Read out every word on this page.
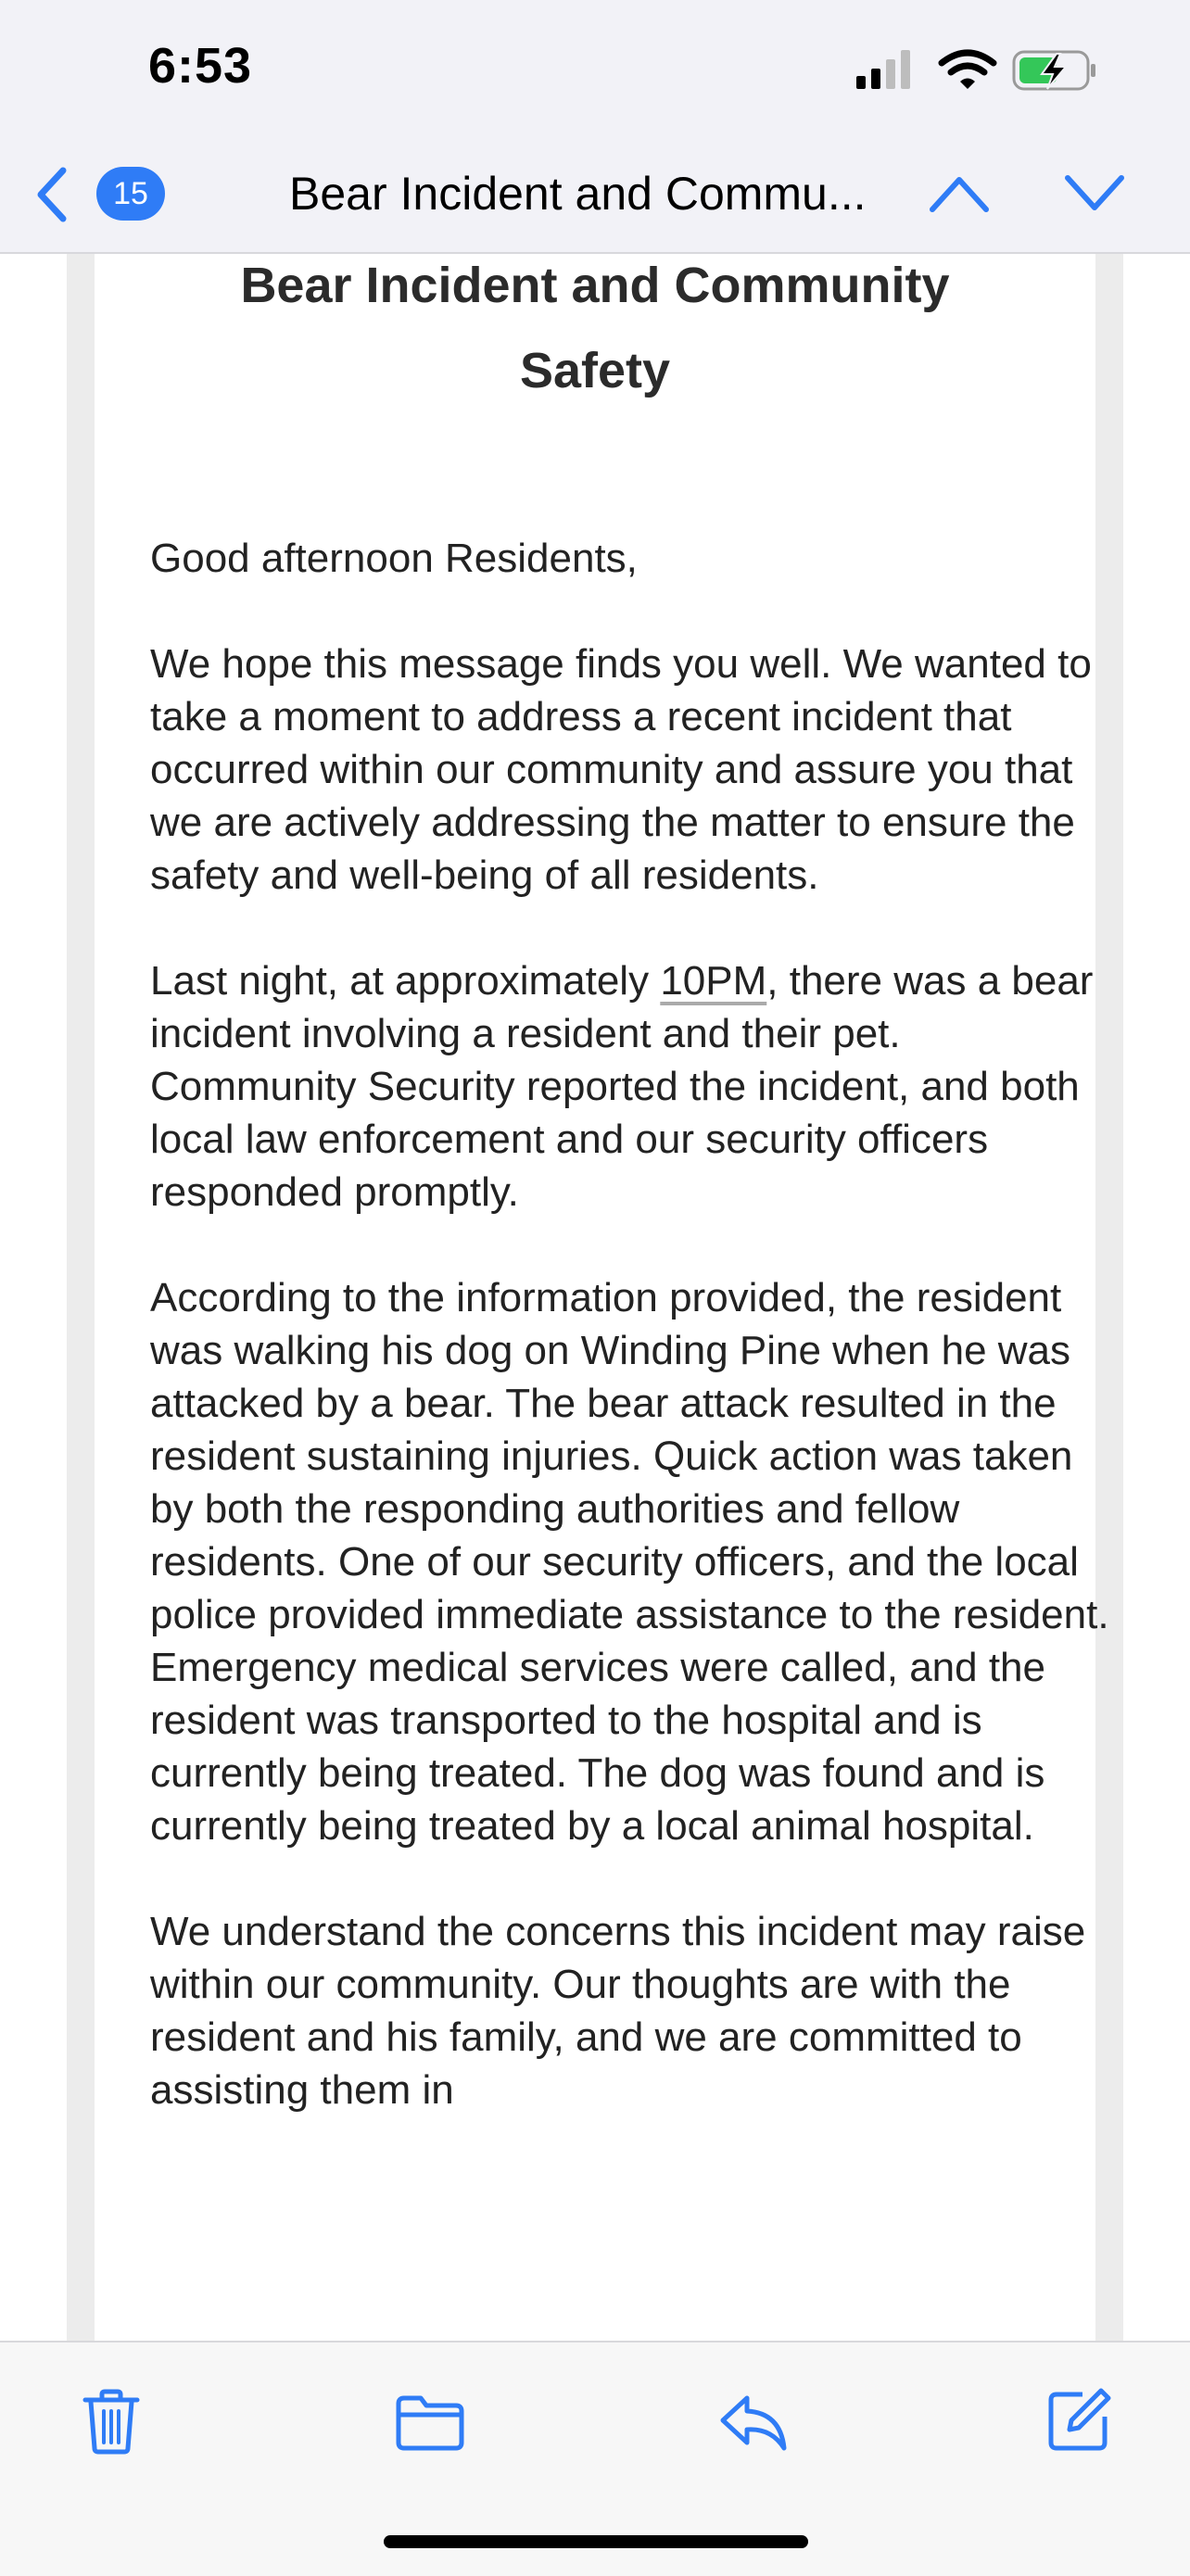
6:53
15	Bear Incident and Commu...
Bear Incident and Community
Safety

Good afternoon Residents,

We hope this message finds you well. We wanted to take a moment to address a recent incident that occurred within our community and assure you that we are actively addressing the matter to ensure the safety and well-being of all residents.

Last night, at approximately 10PM, there was a bear incident involving a resident and their pet. Community Security reported the incident, and both local law enforcement and our security officers responded promptly.

According to the information provided, the resident was walking his dog on Winding Pine when he was attacked by a bear. The bear attack resulted in the resident sustaining injuries. Quick action was taken by both the responding authorities and fellow residents. One of our security officers, and the local police provided immediate assistance to the resident. Emergency medical services were called, and the resident was transported to the hospital and is currently being treated. The dog was found and is currently being treated by a local animal hospital.

We understand the concerns this incident may raise within our community. Our thoughts are with the resident and his family, and we are committed to assisting them in
